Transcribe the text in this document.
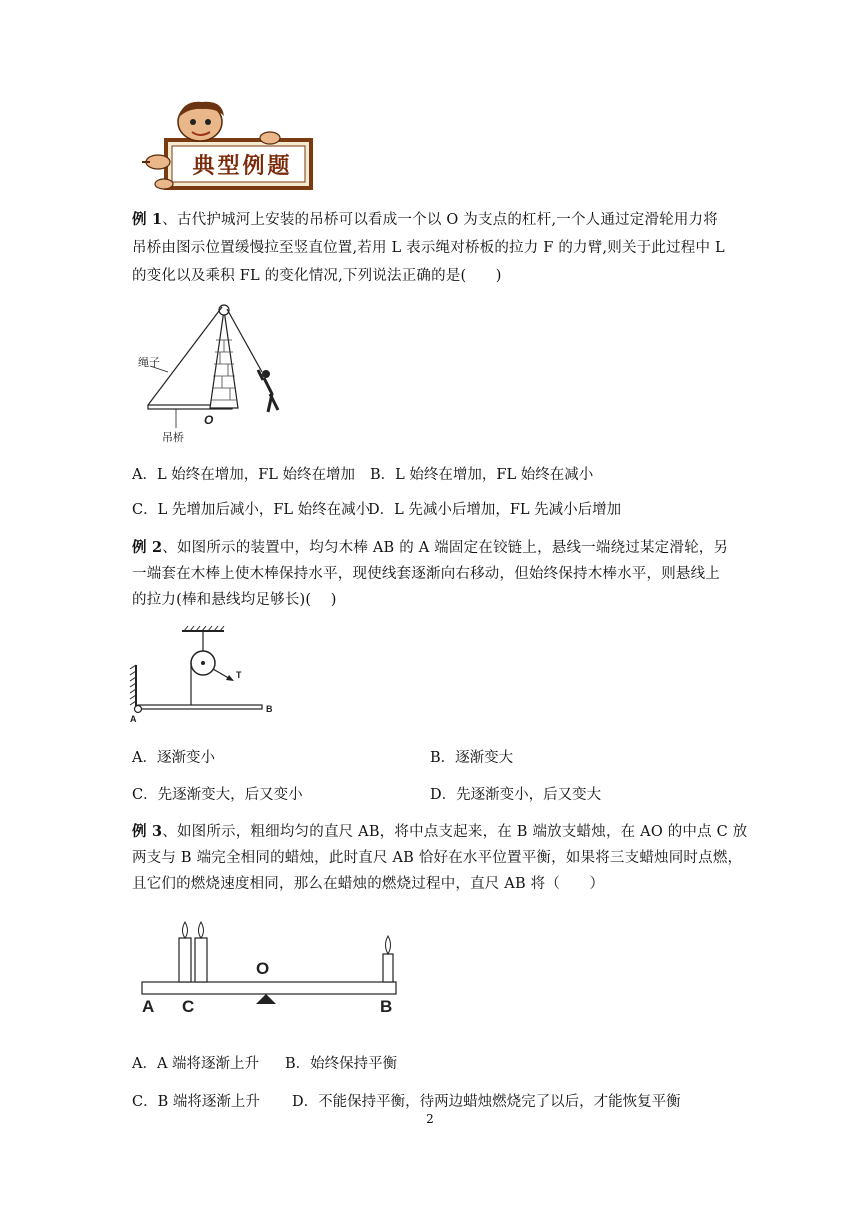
典型例题
例 1、古代护城河上安装的吊桥可以看成一个以 O 为支点的杠杆,一个人通过定滑轮用力将
吊桥由图示位置缓慢拉至竖直位置,若用 L 表示绳对桥板的拉力 F 的力臂,则关于此过程中 L
的变化以及乘积 FL 的变化情况,下列说法正确的是(　　)
绳子
吊桥
O
A．L 始终在增加，FL 始终在增加 B．L 始终在增加，FL 始终在减小
C．L 先增加后减小，FL 始终在减小
D．L 先减小后增加，FL 先减小后增加
例 2、如图所示的装置中，均匀木棒 AB 的 A 端固定在铰链上，悬线一端绕过某定滑轮，另
一端套在木棒上使木棒保持水平，现使线套逐渐向右移动，但始终保持木棒水平，则悬线上
的拉力(棒和悬线均足够长)(　 )
A
B
T
A．逐渐变小	B．逐渐变大
C．先逐渐变大，后又变小	D．先逐渐变小，后又变大
例 3、如图所示，粗细均匀的直尺 AB，将中点支起来，在 B 端放支蜡烛，在 AO 的中点 C 放
两支与 B 端完全相同的蜡烛，此时直尺 AB 恰好在水平位置平衡，如果将三支蜡烛同时点燃，
且它们的燃烧速度相同，那么在蜡烛的燃烧过程中，直尺 AB 将（　　）
A C
O
B
A．A 端将逐渐上升 B．始终保持平衡
C．B 端将逐渐上升 D．不能保持平衡，待两边蜡烛燃烧完了以后，才能恢复平衡
2
